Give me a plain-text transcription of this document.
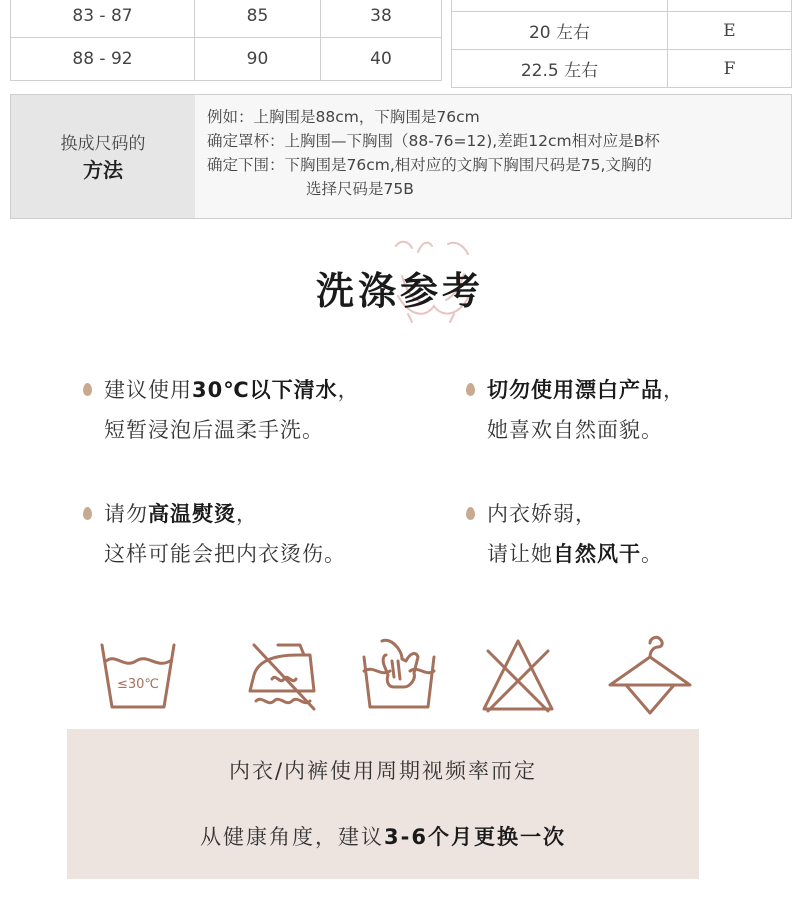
83 - 87	85	38
88 - 92	90	40

20 左右	E
22.5 左右	F
换成尺码的
方法
例如：上胸围是88cm，下胸围是76cm
确定罩杯：上胸围—下胸围（88-76=12),差距12cm相对应是B杯
确定下围：下胸围是76cm,相对应的文胸下胸围尺码是75,文胸的
选择尺码是75B
洗涤参考
建议使用30℃以下清水，
短暂浸泡后温柔手洗。
切勿使用漂白产品，
她喜欢自然面貌。
请勿高温熨烫，
这样可能会把内衣烫伤。
内衣娇弱，
请让她自然风干。
≤30℃
内衣/内裤使用周期视频率而定
从健康角度，建议3-6个月更换一次
